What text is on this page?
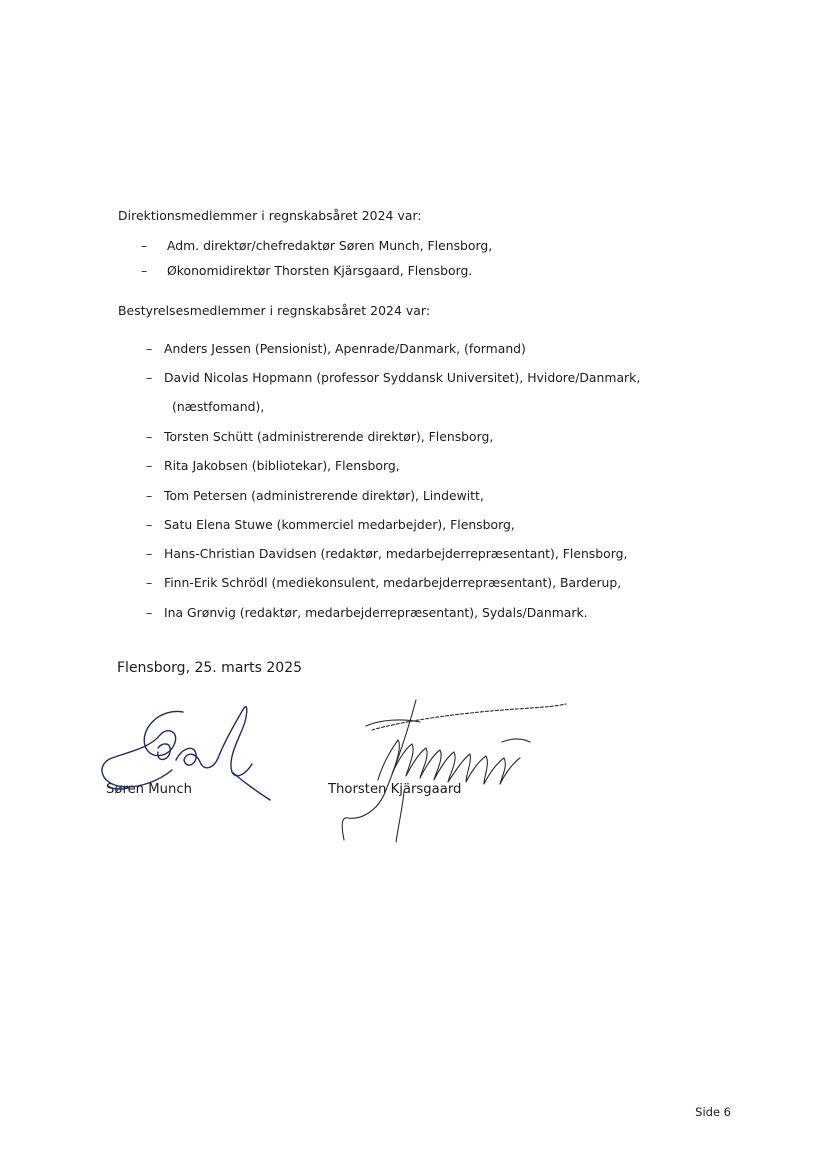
Direktionsmedlemmer i regnskabsåret 2024 var:
– Adm. direktør/chefredaktør Søren Munch, Flensborg,
– Økonomidirektør Thorsten Kjärsgaard, Flensborg.
Bestyrelsesmedlemmer i regnskabsåret 2024 var:
– Anders Jessen (Pensionist), Apenrade/Danmark, (formand)
– David Nicolas Hopmann (professor Syddansk Universitet), Hvidore/Danmark,
(næstfomand),
– Torsten Schütt (administrerende direktør), Flensborg,
– Rita Jakobsen (bibliotekar), Flensborg,
– Tom Petersen (administrerende direktør), Lindewitt,
– Satu Elena Stuwe (kommerciel medarbejder), Flensborg,
– Hans-Christian Davidsen (redaktør, medarbejderrepræsentant), Flensborg,
– Finn-Erik Schrödl (mediekonsulent, medarbejderrepræsentant), Barderup,
– Ina Grønvig (redaktør, medarbejderrepræsentant), Sydals/Danmark.
Flensborg, 25. marts 2025
Søren Munch	Thorsten Kjärsgaard
Side 6
